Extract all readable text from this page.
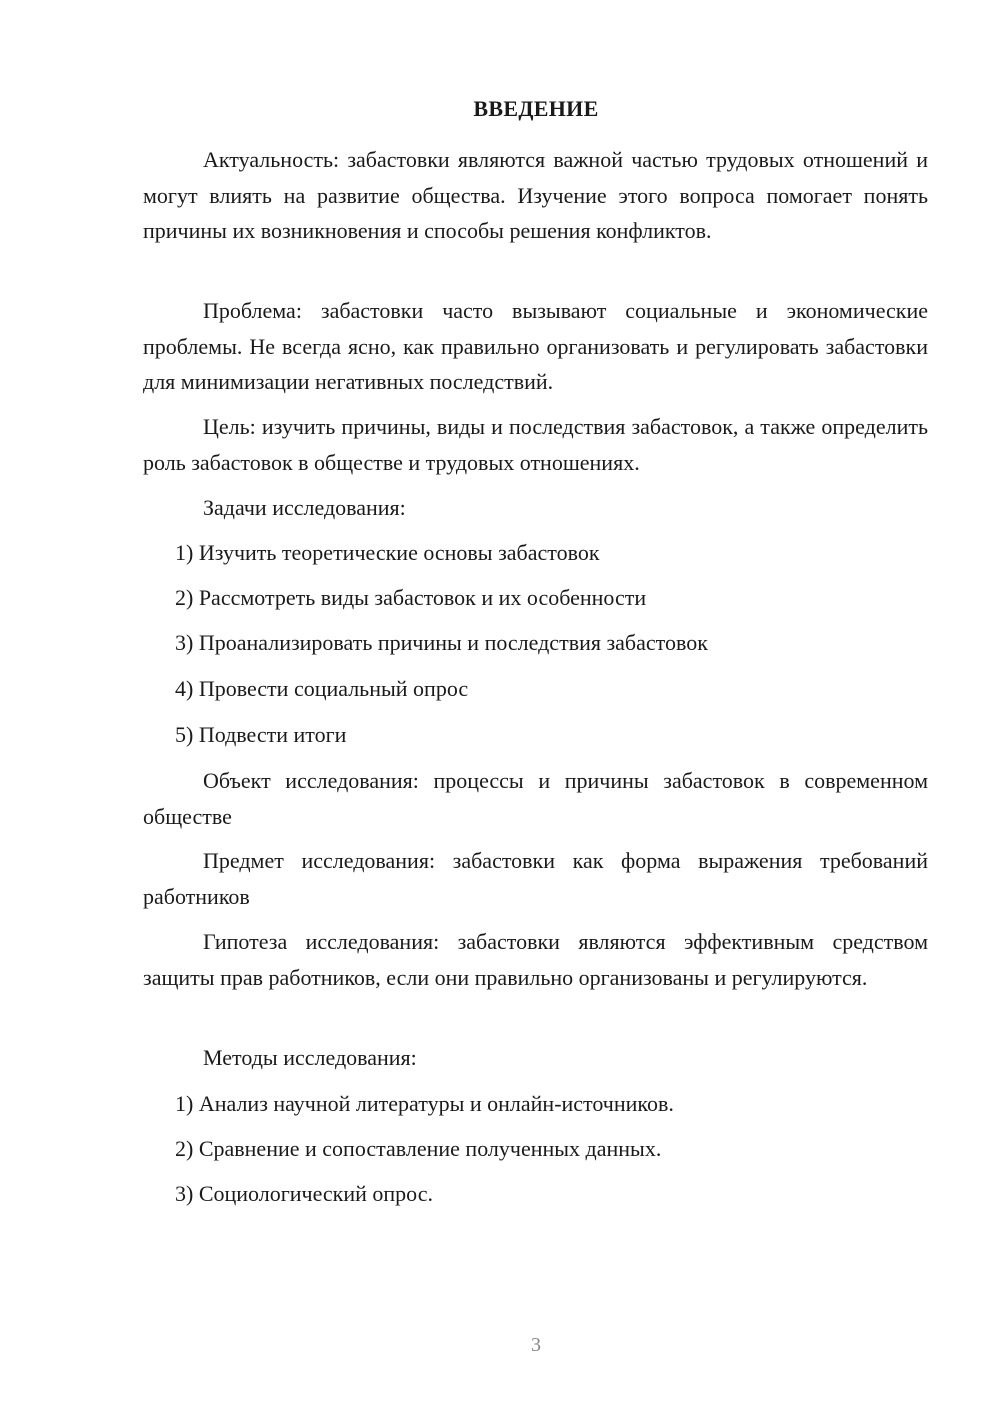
ВВЕДЕНИЕ

Актуальность: забастовки являются важной частью трудовых отношений и могут влиять на развитие общества. Изучение этого вопроса помогает понять причины их возникновения и способы решения конфликтов.

Проблема: забастовки часто вызывают социальные и экономические проблемы. Не всегда ясно, как правильно организовать и регулировать забастовки для минимизации негативных последствий.

Цель: изучить причины, виды и последствия забастовок, а также определить роль забастовок в обществе и трудовых отношениях.

Задачи исследования:

1) Изучить теоретические основы забастовок
2) Рассмотреть виды забастовок и их особенности
3) Проанализировать причины и последствия забастовок
4) Провести социальный опрос
5) Подвести итоги

Объект исследования: процессы и причины забастовок в современном обществе

Предмет исследования: забастовки как форма выражения требований работников

Гипотеза исследования: забастовки являются эффективным средством защиты прав работников, если они правильно организованы и регулируются.

Методы исследования:

1) Анализ научной литературы и онлайн-источников.
2) Сравнение и сопоставление полученных данных.
3) Социологический опрос.
3
